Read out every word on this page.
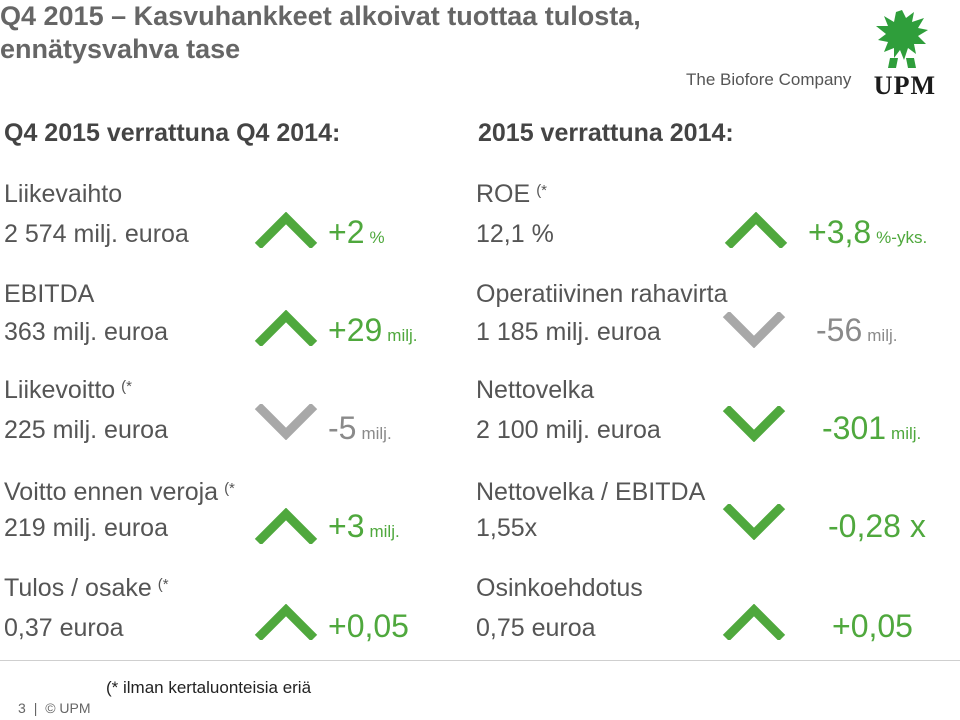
Q4 2015 – Kasvuhankkeet alkoivat tuottaa tulosta,
ennätysvahva tase
The Biofore Company UPM
Q4 2015 verrattuna Q4 2014:	2015 verrattuna 2014:
Liikevaihto
2 574 milj. euroa	+2 %
EBITDA
363 milj. euroa	+29 milj.
Liikevoitto (*
225 milj. euroa	-5 milj.
Voitto ennen veroja (*
219 milj. euroa	+3 milj.
Tulos / osake (*
0,37 euroa	+0,05
ROE (*
12,1 %	+3,8 %-yks.
Operatiivinen rahavirta
1 185 milj. euroa	-56 milj.
Nettovelka
2 100 milj. euroa	-301 milj.
Nettovelka / EBITDA
1,55x	-0,28 x
Osinkoehdotus
0,75 euroa	+0,05
(* ilman kertaluonteisia eriä
3 | © UPM
